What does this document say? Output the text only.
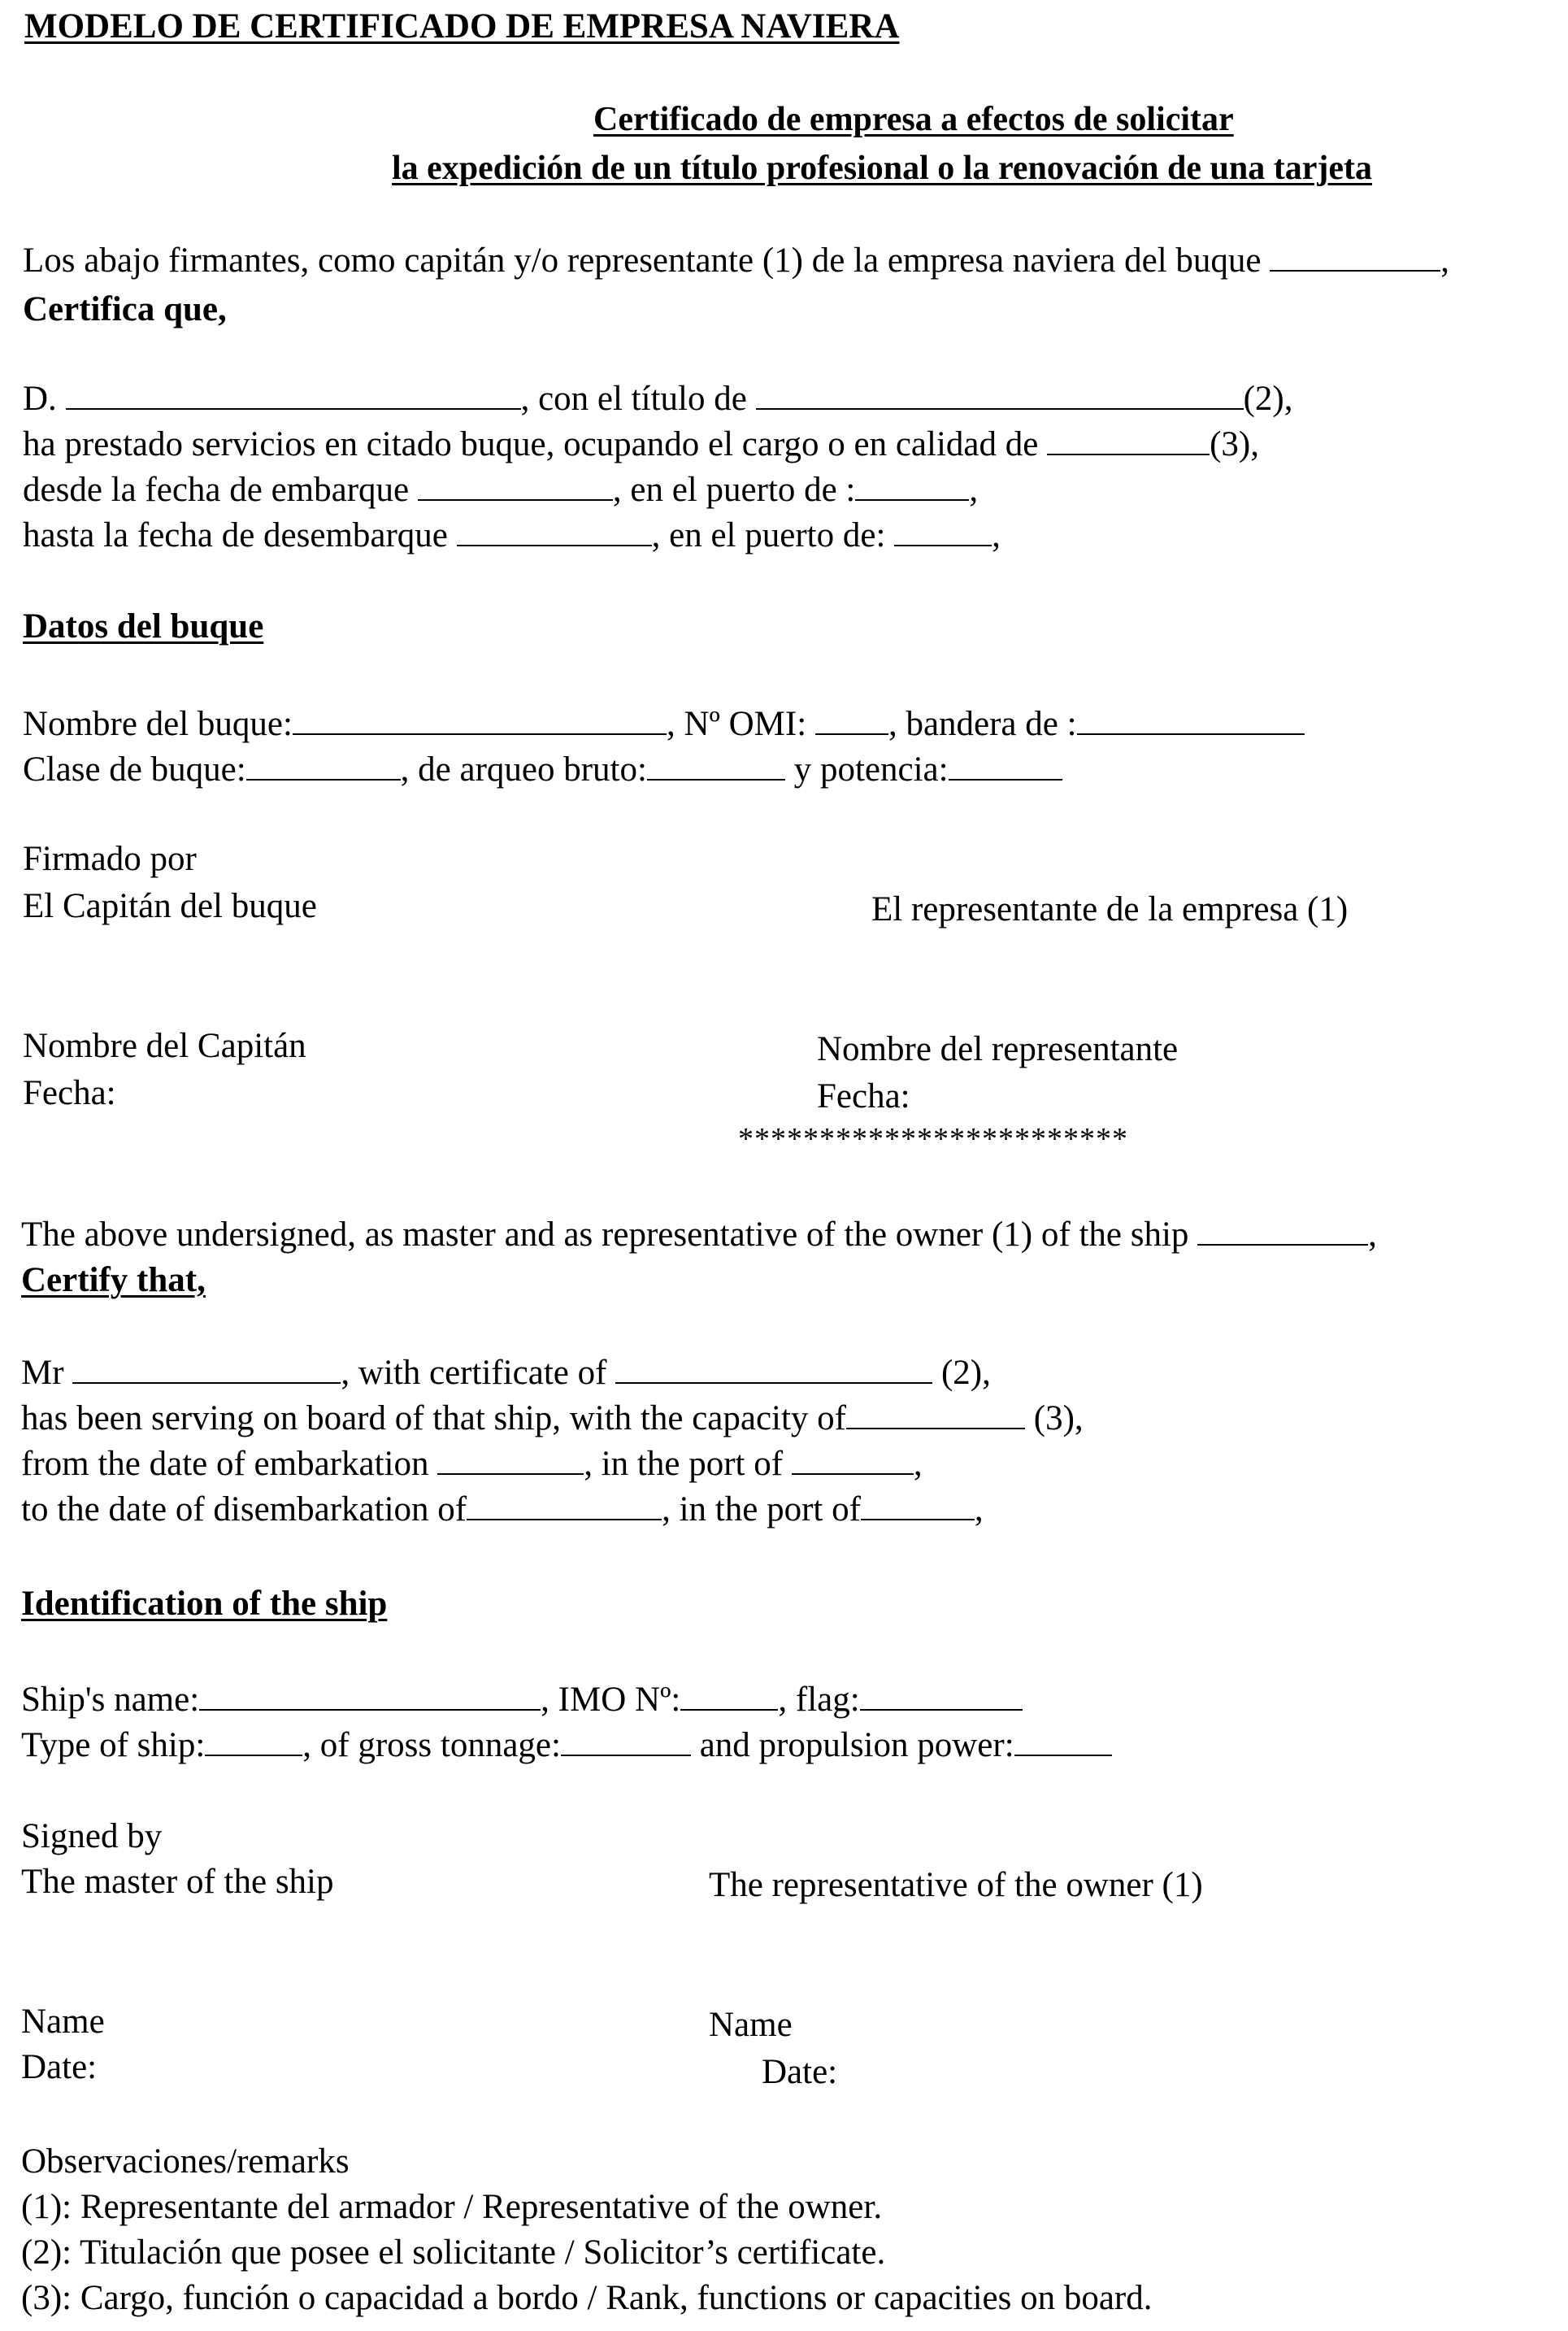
MODELO DE CERTIFICADO DE EMPRESA NAVIERA
Certificado de empresa a efectos de solicitar
la expedición de un título profesional o la renovación de una tarjeta
Los abajo firmantes, como capitán y/o representante (1) de la empresa naviera del buque	,
Certifica que,
D.	, con el título de	(2),
ha prestado servicios en citado buque, ocupando el cargo o en calidad de	(3),
desde la fecha de embarque	, en el puerto de :	,
hasta la fecha de desembarque	, en el puerto de:	,
Datos del buque
Nombre del buque:	, Nº OMI: , bandera de :
Clase de buque:	, de arqueo bruto:	y potencia:
Firmado por
El Capitán del buque	El representante de la empresa (1)
Nombre del Capitán
Fecha:
Nombre del representante
Fecha:
************************
The above undersigned, as master and as representative of the owner (1) of the ship	,
Certify that,
Mr	, with certificate of	(2),
has been serving on board of that ship, with the capacity of	(3),
from the date of embarkation	, in the port of	,
to the date of disembarkation of	, in the port of	,
Identification of the ship
Ship's name:	, IMO Nº:	, flag:
Type of ship:	, of gross tonnage:	and propulsion power:
Signed by
The master of the ship	The representative of the owner (1)
Name
Date:
Name
Date:
Observaciones/remarks
(1): Representante del armador / Representative of the owner.
(2): Titulación que posee el solicitante / Solicitor’s certificate.
(3): Cargo, función o capacidad a bordo / Rank, functions or capacities on board.
